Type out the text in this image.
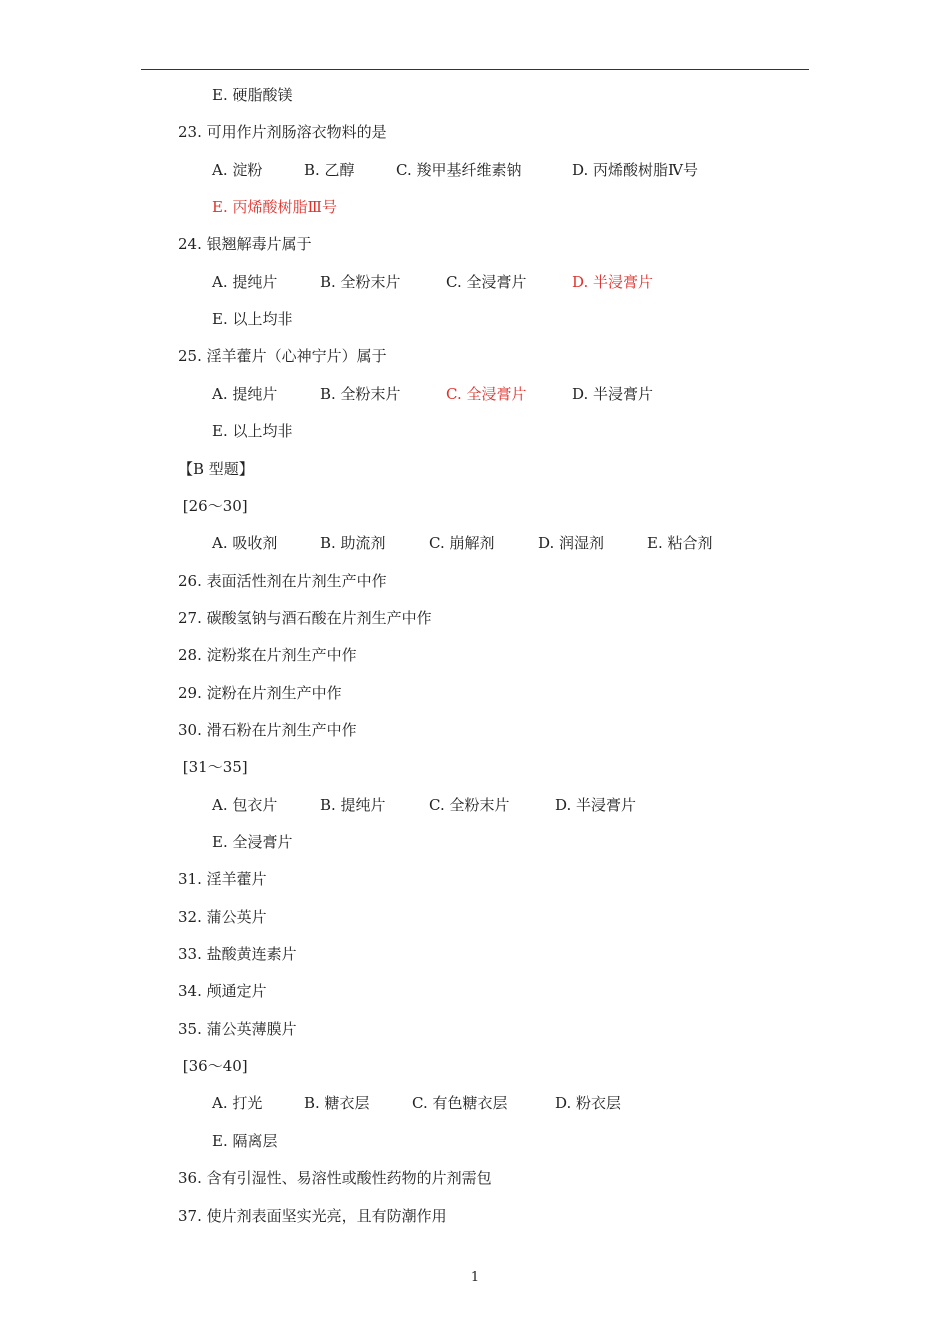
E. 硬脂酸镁
23. 可用作片剂肠溶衣物料的是
A. 淀粉	B. 乙醇	C. 羧甲基纤维素钠	D. 丙烯酸树脂Ⅳ号
E. 丙烯酸树脂Ⅲ号
24. 银翘解毒片属于
A. 提纯片	B. 全粉末片	C. 全浸膏片	D. 半浸膏片
E. 以上均非
25. 淫羊藿片（心神宁片）属于
A. 提纯片	B. 全粉末片	C. 全浸膏片	D. 半浸膏片
E. 以上均非
【B 型题】
[26～30]
A. 吸收剂	B. 助流剂	C. 崩解剂	D. 润湿剂	E. 粘合剂
26. 表面活性剂在片剂生产中作
27. 碳酸氢钠与酒石酸在片剂生产中作
28. 淀粉浆在片剂生产中作
29. 淀粉在片剂生产中作
30. 滑石粉在片剂生产中作
[31～35]
A. 包衣片	B. 提纯片	C. 全粉末片	D. 半浸膏片
E. 全浸膏片
31. 淫羊藿片
32. 蒲公英片
33. 盐酸黄连素片
34. 颅通定片
35. 蒲公英薄膜片
[36～40]
A. 打光	B. 糖衣层	C. 有色糖衣层	D. 粉衣层
E. 隔离层
36. 含有引湿性、易溶性或酸性药物的片剂需包
37. 使片剂表面坚实光亮，且有防潮作用
1
